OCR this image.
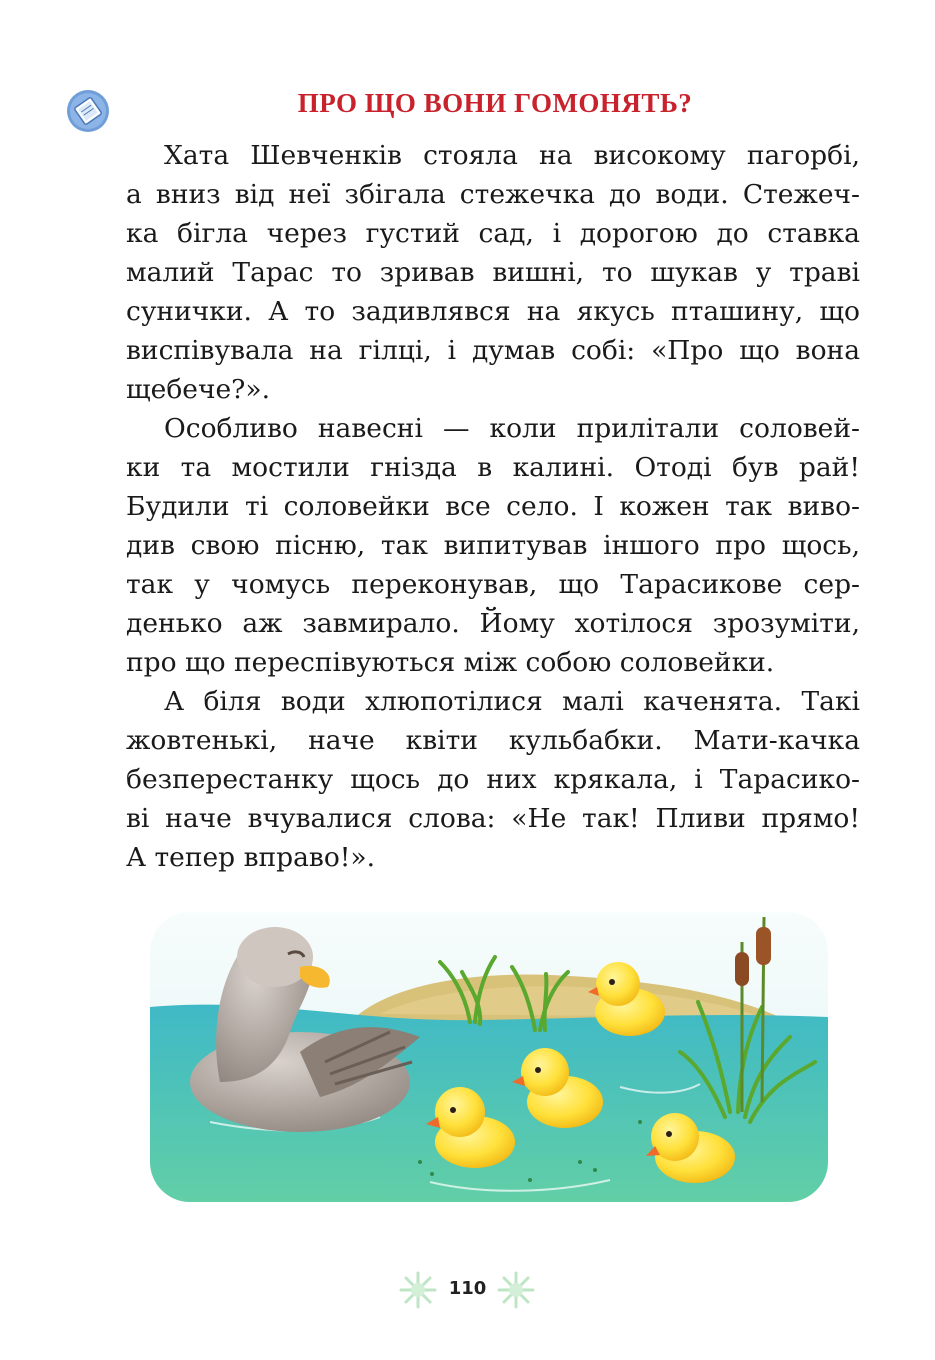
ПРО ЩО ВОНИ ГОМОНЯТЬ?

Хата Шевченків стояла на високому пагорбі,
а вниз від неї збігала стежечка до води. Стежеч-
ка бігла через густий сад, і дорогою до ставка
малий Тарас то зривав вишні, то шукав у траві
сунички. А то задивлявся на якусь пташину, що
виспівувала на гілці, і думав собі: «Про що вона
щебече?».

Особливо навесні — коли прилітали соловей-
ки та мостили гнізда в калині. Отоді був рай!
Будили ті соловейки все село. І кожен так виво-
див свою пісню, так випитував іншого про щось,
так у чомусь переконував, що Тарасикове сер-
денько аж завмирало. Йому хотілося зрозуміти,
про що переспівуються між собою соловейки.

А біля води хлюпотілися малі каченята. Такі
жовтенькі, наче квіти кульбабки. Мати-качка
безперестанку щось до них крякала, і Тарасико-
ві наче вчувалися слова: «Не так! Пливи прямо!
А тепер вправо!».

110
